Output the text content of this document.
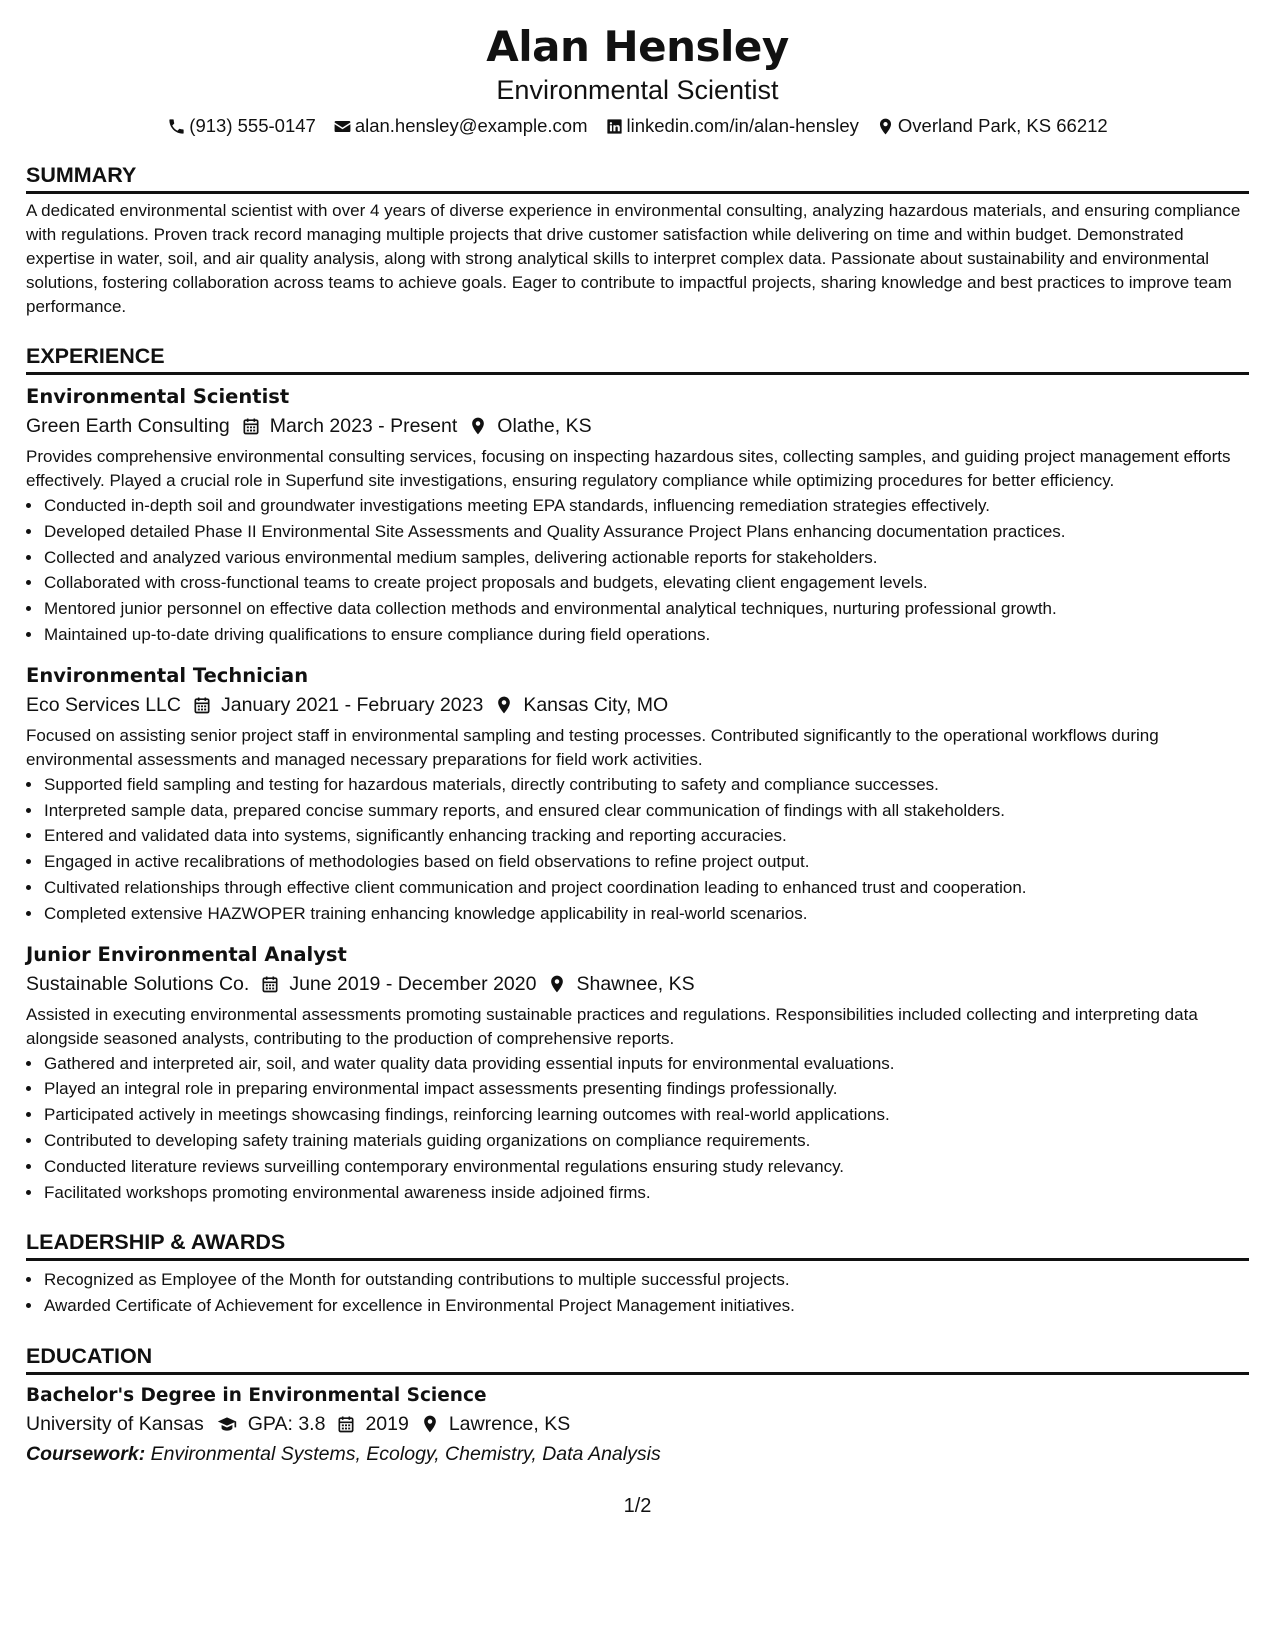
Alan Hensley
Environmental Scientist
(913) 555-0147 alan.hensley@example.com linkedin.com/in/alan-hensley Overland Park, KS 66212
SUMMARY

A dedicated environmental scientist with over 4 years of diverse experience in environmental consulting, analyzing hazardous materials, and ensuring compliance with regulations. Proven track record managing multiple projects that drive customer satisfaction while delivering on time and within budget. Demonstrated expertise in water, soil, and air quality analysis, along with strong analytical skills to interpret complex data. Passionate about sustainability and environmental solutions, fostering collaboration across teams to achieve goals. Eager to contribute to impactful projects, sharing knowledge and best practices to improve team performance.

EXPERIENCE
Environmental Scientist
Green Earth Consulting March 2023 - Present Olathe, KS
Provides comprehensive environmental consulting services, focusing on inspecting hazardous sites, collecting samples, and guiding project management efforts effectively. Played a crucial role in Superfund site investigations, ensuring regulatory compliance while optimizing procedures for better efficiency.
• Conducted in-depth soil and groundwater investigations meeting EPA standards, influencing remediation strategies effectively.
• Developed detailed Phase II Environmental Site Assessments and Quality Assurance Project Plans enhancing documentation practices.
• Collected and analyzed various environmental medium samples, delivering actionable reports for stakeholders.
• Collaborated with cross-functional teams to create project proposals and budgets, elevating client engagement levels.
• Mentored junior personnel on effective data collection methods and environmental analytical techniques, nurturing professional growth.
• Maintained up-to-date driving qualifications to ensure compliance during field operations.
Environmental Technician
Eco Services LLC January 2021 - February 2023 Kansas City, MO
Focused on assisting senior project staff in environmental sampling and testing processes. Contributed significantly to the operational workflows during environmental assessments and managed necessary preparations for field work activities.
• Supported field sampling and testing for hazardous materials, directly contributing to safety and compliance successes.
• Interpreted sample data, prepared concise summary reports, and ensured clear communication of findings with all stakeholders.
• Entered and validated data into systems, significantly enhancing tracking and reporting accuracies.
• Engaged in active recalibrations of methodologies based on field observations to refine project output.
• Cultivated relationships through effective client communication and project coordination leading to enhanced trust and cooperation.
• Completed extensive HAZWOPER training enhancing knowledge applicability in real-world scenarios.
Junior Environmental Analyst
Sustainable Solutions Co. June 2019 - December 2020 Shawnee, KS
Assisted in executing environmental assessments promoting sustainable practices and regulations. Responsibilities included collecting and interpreting data alongside seasoned analysts, contributing to the production of comprehensive reports.
• Gathered and interpreted air, soil, and water quality data providing essential inputs for environmental evaluations.
• Played an integral role in preparing environmental impact assessments presenting findings professionally.
• Participated actively in meetings showcasing findings, reinforcing learning outcomes with real-world applications.
• Contributed to developing safety training materials guiding organizations on compliance requirements.
• Conducted literature reviews surveilling contemporary environmental regulations ensuring study relevancy.
• Facilitated workshops promoting environmental awareness inside adjoined firms.
LEADERSHIP & AWARDS
• Recognized as Employee of the Month for outstanding contributions to multiple successful projects.
• Awarded Certificate of Achievement for excellence in Environmental Project Management initiatives.
EDUCATION
Bachelor's Degree in Environmental Science
University of Kansas GPA: 3.8 2019 Lawrence, KS
Coursework: Environmental Systems, Ecology, Chemistry, Data Analysis
1/2
